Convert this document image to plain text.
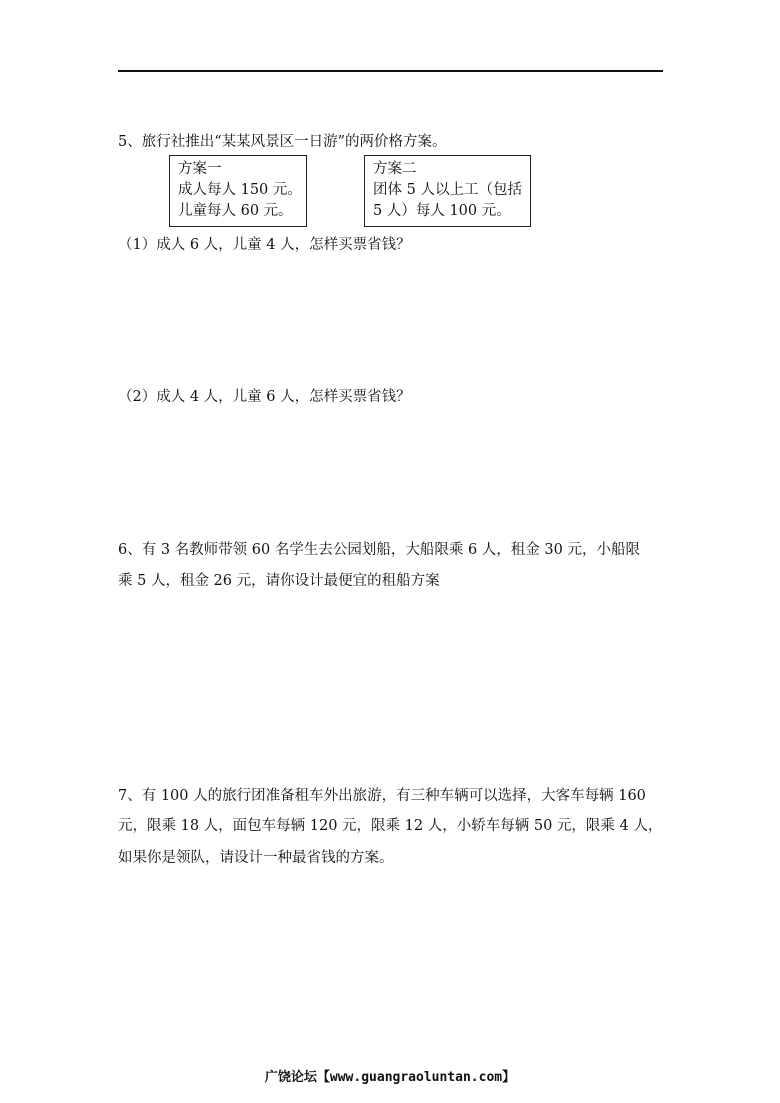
5、旅行社推出“某某风景区一日游”的两价格方案。
方案一
成人每人 150 元。
儿童每人 60 元。
方案二
团体 5 人以上工（包括
5 人）每人 100 元。
（1）成人 6 人，儿童 4 人，怎样买票省钱？
（2）成人 4 人，儿童 6 人，怎样买票省钱？
6、有 3 名教师带领 60 名学生去公园划船，大船限乘 6 人，租金 30 元，小船限
乘 5 人，租金 26 元，请你设计最便宜的租船方案
7、有 100 人的旅行团准备租车外出旅游，有三种车辆可以选择，大客车每辆 160
元，限乘 18 人，面包车每辆 120 元，限乘 12 人，小轿车每辆 50 元，限乘 4 人，
如果你是领队，请设计一种最省钱的方案。
广饶论坛【www.guangraoluntan.com】
